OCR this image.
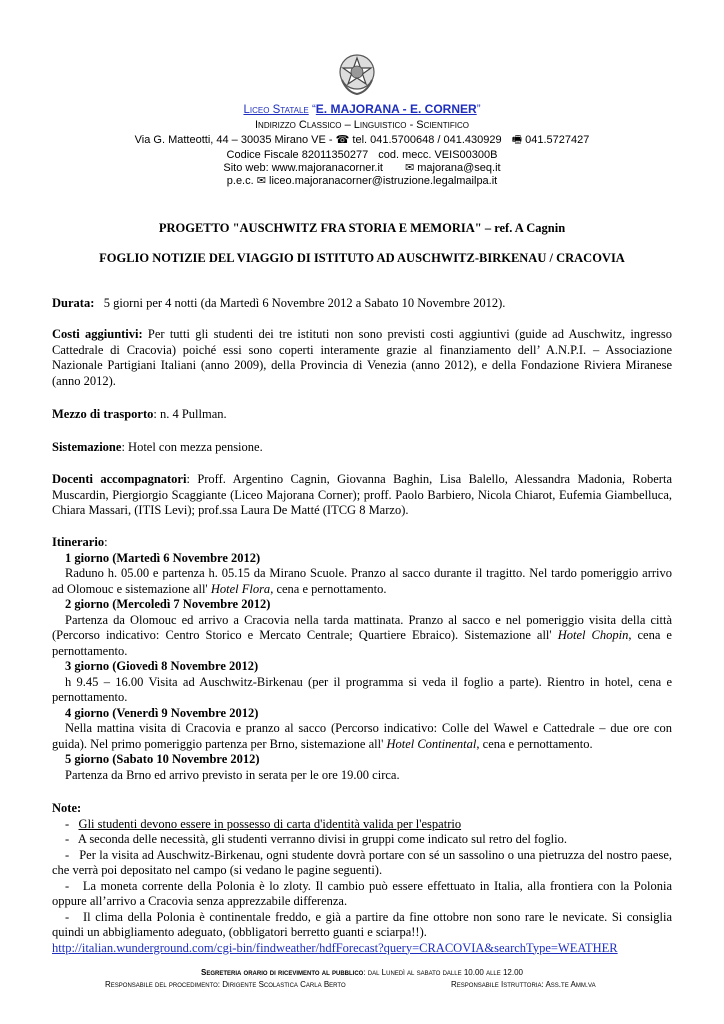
Liceo Statale “E. MAJORANA - E. CORNER”
Indirizzo Classico – Linguistico - Scientifico
Via G. Matteotti, 44 – 30035 Mirano VE - ☎ tel. 041.5700648 / 041.430929 🖷 041.5727427
Codice Fiscale 82011350277 cod. mecc. VEIS00300B
Sito web: www.majoranacorner.it ✉ majorana@seq.it
p.e.c. ✉ liceo.majoranacorner@istruzione.legalmailpa.it
PROGETTO "AUSCHWITZ FRA STORIA E MEMORIA" – ref. A Cagnin
FOGLIO NOTIZIE DEL VIAGGIO DI ISTITUTO AD AUSCHWITZ-BIRKENAU / CRACOVIA

Durata: 5 giorni per 4 notti (da Martedì 6 Novembre 2012 a Sabato 10 Novembre 2012).

Costi aggiuntivi: Per tutti gli studenti dei tre istituti non sono previsti costi aggiuntivi (guide ad Auschwitz, ingresso Cattedrale di Cracovia) poiché essi sono coperti interamente grazie al finanziamento dell’ A.N.P.I. – Associazione Nazionale Partigiani Italiani (anno 2009), della Provincia di Venezia (anno 2012), e della Fondazione Riviera Miranese (anno 2012).

Mezzo di trasporto: n. 4 Pullman.

Sistemazione: Hotel con mezza pensione.

Docenti accompagnatori: Proff. Argentino Cagnin, Giovanna Baghin, Lisa Balello, Alessandra Madonia, Roberta Muscardin, Piergiorgio Scaggiante (Liceo Majorana Corner); proff. Paolo Barbiero, Nicola Chiarot, Eufemia Giambelluca, Chiara Massari, (ITIS Levi); prof.ssa Laura De Matté (ITCG 8 Marzo).

Itinerario:

1 giorno (Martedì 6 Novembre 2012)

Raduno h. 05.00 e partenza h. 05.15 da Mirano Scuole. Pranzo al sacco durante il tragitto. Nel tardo pomeriggio arrivo ad Olomouc e sistemazione all' Hotel Flora, cena e pernottamento.

2 giorno (Mercoledì 7 Novembre 2012)

Partenza da Olomouc ed arrivo a Cracovia nella tarda mattinata. Pranzo al sacco e nel pomeriggio visita della città (Percorso indicativo: Centro Storico e Mercato Centrale; Quartiere Ebraico). Sistemazione all' Hotel Chopin, cena e pernottamento.

3 giorno (Giovedì 8 Novembre 2012)

h 9.45 – 16.00 Visita ad Auschwitz-Birkenau (per il programma si veda il foglio a parte). Rientro in hotel, cena e pernottamento.

4 giorno (Venerdì 9 Novembre 2012)

Nella mattina visita di Cracovia e pranzo al sacco (Percorso indicativo: Colle del Wawel e Cattedrale – due ore con guida). Nel primo pomeriggio partenza per Brno, sistemazione all' Hotel Continental, cena e pernottamento.

5 giorno (Sabato 10 Novembre 2012)

Partenza da Brno ed arrivo previsto in serata per le ore 19.00 circa.

Note:

- Gli studenti devono essere in possesso di carta d'identità valida per l'espatrio

- A seconda delle necessità, gli studenti verranno divisi in gruppi come indicato sul retro del foglio.

- Per la visita ad Auschwitz-Birkenau, ogni studente dovrà portare con sé un sassolino o una pietruzza del nostro paese, che verrà poi depositato nel campo (si vedano le pagine seguenti).

- La moneta corrente della Polonia è lo zloty. Il cambio può essere effettuato in Italia, alla frontiera con la Polonia oppure all’arrivo a Cracovia senza apprezzabile differenza.

- Il clima della Polonia è continentale freddo, e già a partire da fine ottobre non sono rare le nevicate. Si consiglia quindi un abbigliamento adeguato, (obbligatori berretto guanti e sciarpa!!).

http://italian.wunderground.com/cgi-bin/findweather/hdfForecast?query=CRACOVIA&searchType=WEATHER

Segreteria orario di ricevimento al pubblico: dal Lunedì al sabato dalle 10.00 alle 12.00
Responsabile del procedimento: Dirigente Scolastica Carla Berto	Responsabile Istruttoria: Ass.te Amm.va
